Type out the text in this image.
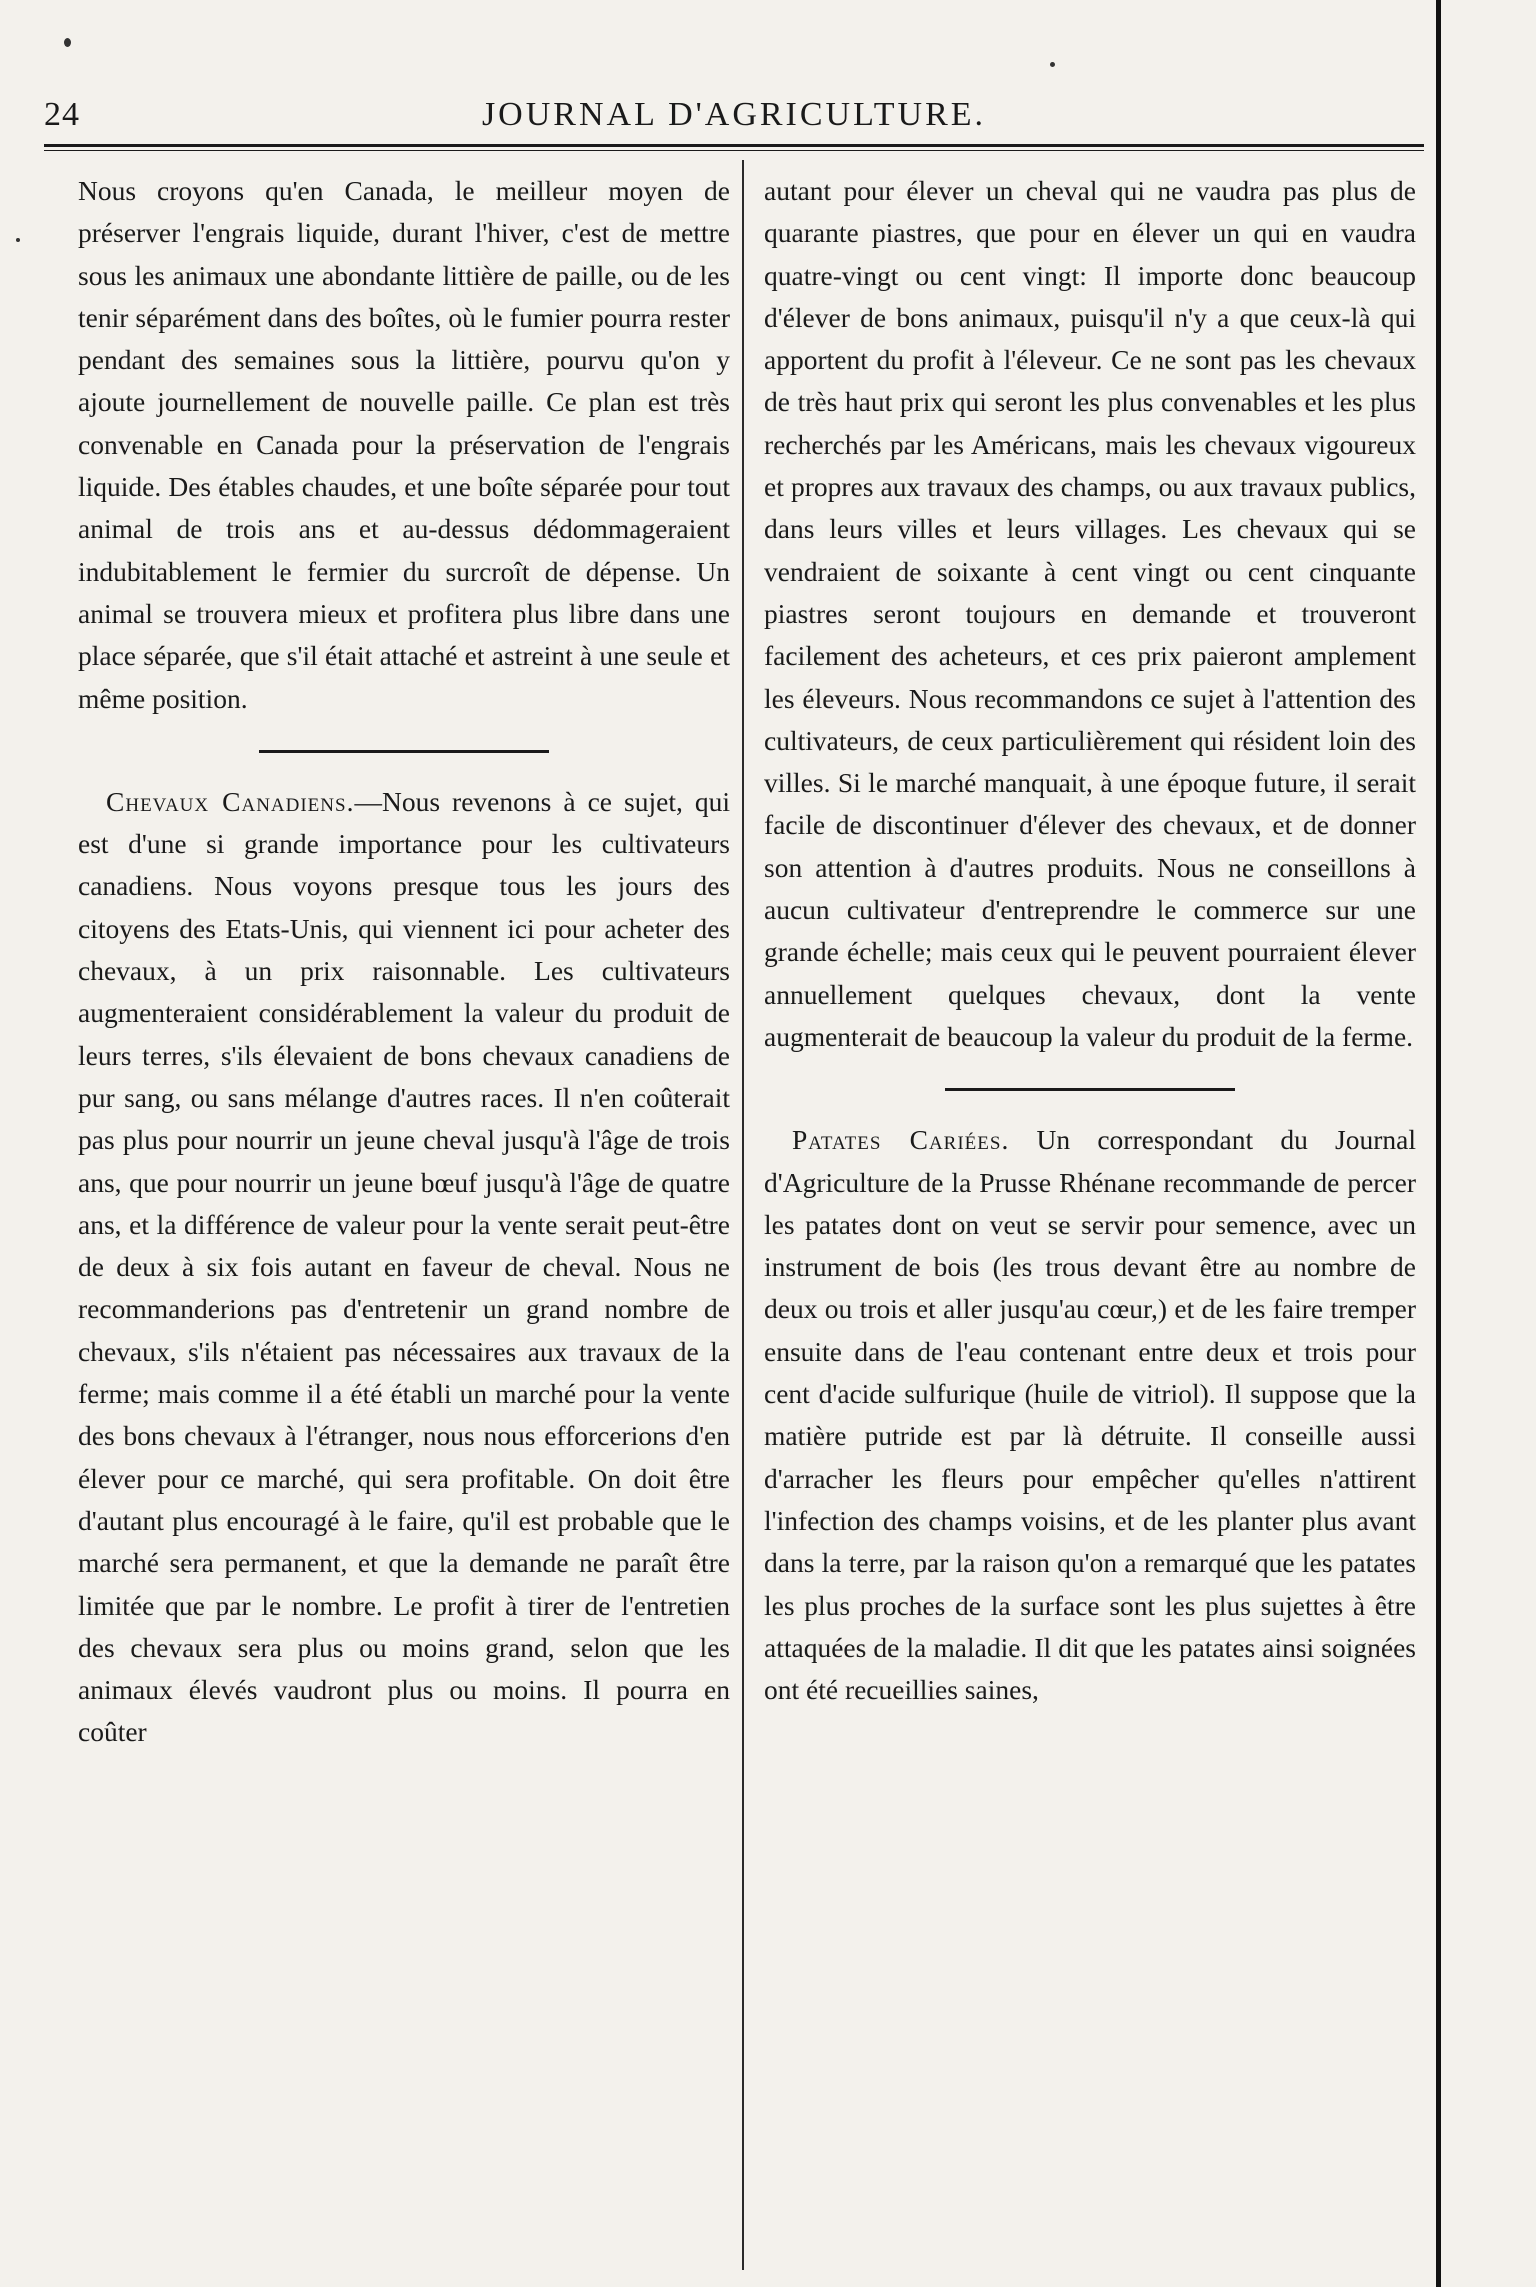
24	JOURNAL D'AGRICULTURE.

Nous croyons qu'en Canada, le meilleur moyen de préserver l'engrais liquide, durant l'hiver, c'est de mettre sous les animaux une abondante littière de paille, ou de les tenir séparément dans des boîtes, où le fumier pourra rester pendant des semaines sous la littière, pourvu qu'on y ajoute journellement de nouvelle paille. Ce plan est très convenable en Canada pour la préservation de l'engrais liquide. Des étables chaudes, et une boîte séparée pour tout animal de trois ans et au-dessus dédommageraient indubitablement le fermier du surcroît de dépense. Un animal se trouvera mieux et profitera plus libre dans une place séparée, que s'il était attaché et astreint à une seule et même position.

Chevaux Canadiens.—Nous revenons à ce sujet, qui est d'une si grande importance pour les cultivateurs canadiens. Nous voyons presque tous les jours des citoyens des Etats-Unis, qui viennent ici pour acheter des chevaux, à un prix raisonnable. Les cultivateurs augmenteraient considérablement la valeur du produit de leurs terres, s'ils élevaient de bons chevaux canadiens de pur sang, ou sans mélange d'autres races. Il n'en coûterait pas plus pour nourrir un jeune cheval jusqu'à l'âge de trois ans, que pour nourrir un jeune bœuf jusqu'à l'âge de quatre ans, et la différence de valeur pour la vente serait peut-être de deux à six fois autant en faveur de cheval. Nous ne recommanderions pas d'entretenir un grand nombre de chevaux, s'ils n'étaient pas nécessaires aux travaux de la ferme; mais comme il a été établi un marché pour la vente des bons chevaux à l'étranger, nous nous efforcerions d'en élever pour ce marché, qui sera profitable. On doit être d'autant plus encouragé à le faire, qu'il est probable que le marché sera permanent, et que la demande ne paraît être limitée que par le nombre. Le profit à tirer de l'entretien des chevaux sera plus ou moins grand, selon que les animaux élevés vaudront plus ou moins. Il pourra en coûter

autant pour élever un cheval qui ne vaudra pas plus de quarante piastres, que pour en élever un qui en vaudra quatre-vingt ou cent vingt: Il importe donc beaucoup d'élever de bons animaux, puisqu'il n'y a que ceux-là qui apportent du profit à l'éleveur. Ce ne sont pas les chevaux de très haut prix qui seront les plus convenables et les plus recherchés par les Américans, mais les chevaux vigoureux et propres aux travaux des champs, ou aux travaux publics, dans leurs villes et leurs villages. Les chevaux qui se vendraient de soixante à cent vingt ou cent cinquante piastres seront toujours en demande et trouveront facilement des acheteurs, et ces prix paieront amplement les éleveurs. Nous recommandons ce sujet à l'attention des cultivateurs, de ceux particulièrement qui résident loin des villes. Si le marché manquait, à une époque future, il serait facile de discontinuer d'élever des chevaux, et de donner son attention à d'autres produits. Nous ne conseillons à aucun cultivateur d'entreprendre le commerce sur une grande échelle; mais ceux qui le peuvent pourraient élever annuellement quelques chevaux, dont la vente augmenterait de beaucoup la valeur du produit de la ferme.

Patates Cariées. Un correspondant du Journal d'Agriculture de la Prusse Rhénane recommande de percer les patates dont on veut se servir pour semence, avec un instrument de bois (les trous devant être au nombre de deux ou trois et aller jusqu'au cœur,) et de les faire tremper ensuite dans de l'eau contenant entre deux et trois pour cent d'acide sulfurique (huile de vitriol). Il suppose que la matière putride est par là détruite. Il conseille aussi d'arracher les fleurs pour empêcher qu'elles n'attirent l'infection des champs voisins, et de les planter plus avant dans la terre, par la raison qu'on a remarqué que les patates les plus proches de la surface sont les plus sujettes à être attaquées de la maladie. Il dit que les patates ainsi soignées ont été recueillies saines,
